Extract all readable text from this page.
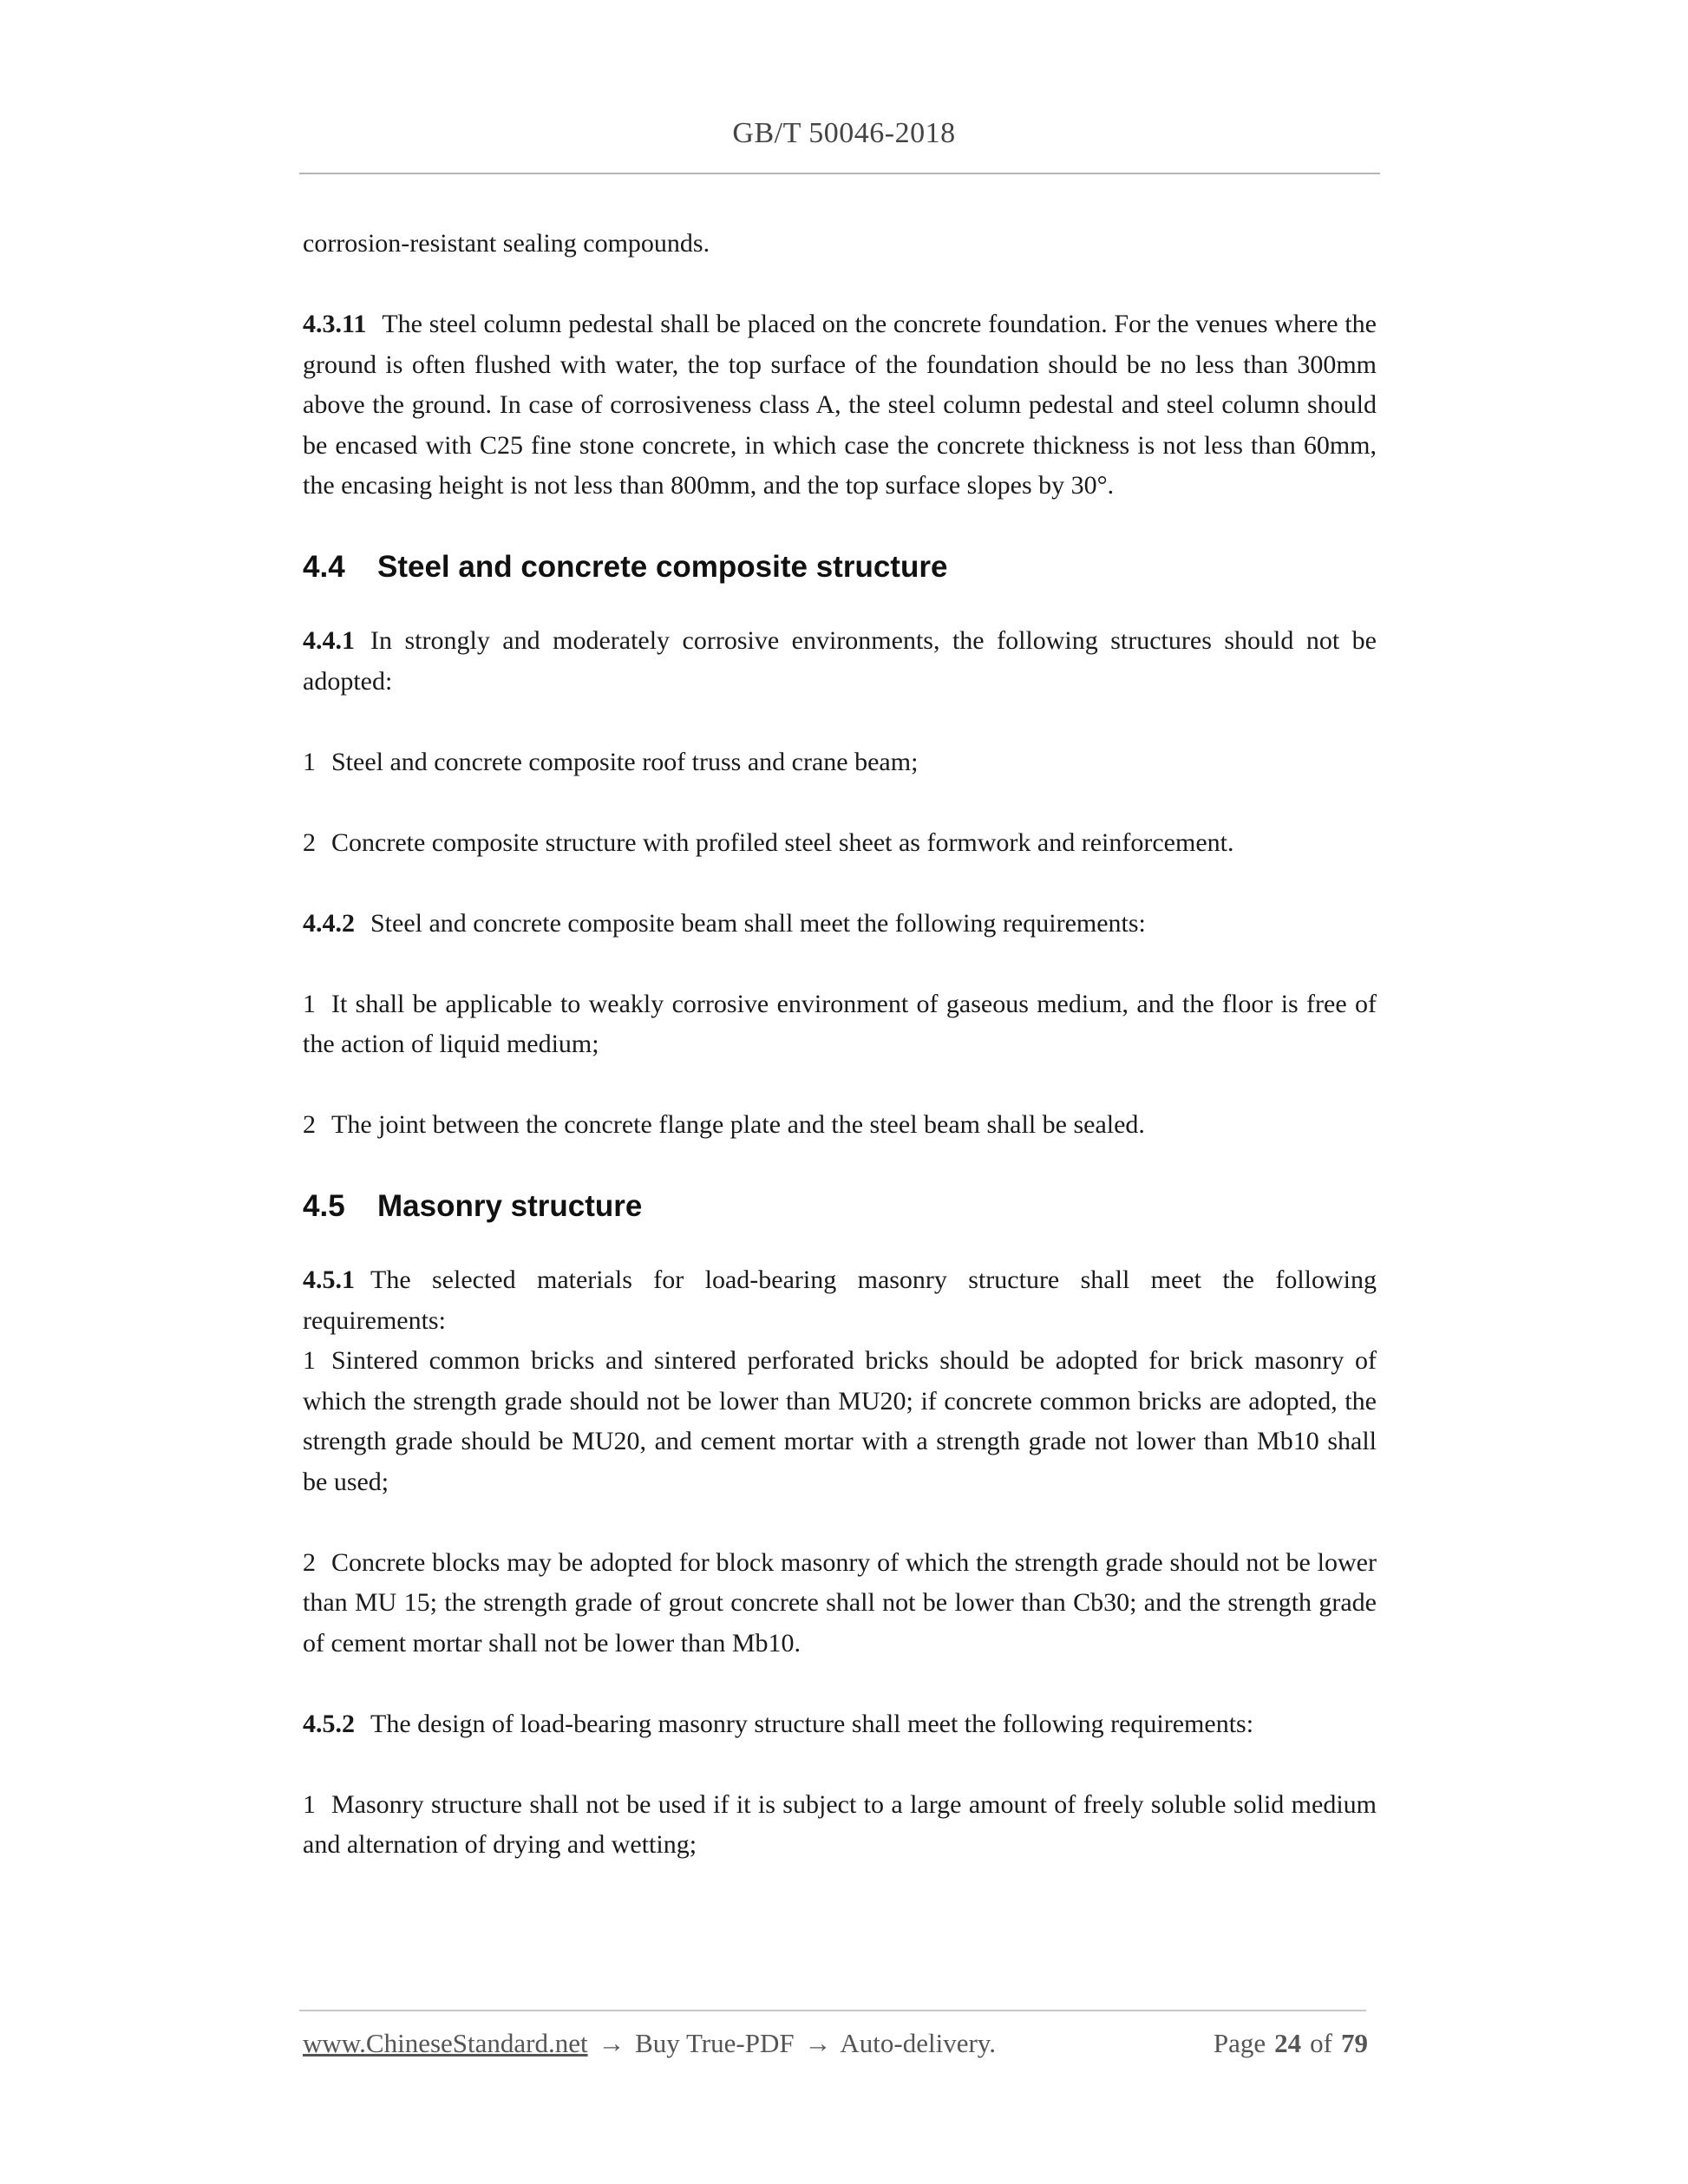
GB/T 50046-2018

corrosion-resistant sealing compounds.

4.3.11 The steel column pedestal shall be placed on the concrete foundation. For the venues where the ground is often flushed with water, the top surface of the foundation should be no less than 300mm above the ground. In case of corrosiveness class A, the steel column pedestal and steel column should be encased with C25 fine stone concrete, in which case the concrete thickness is not less than 60mm, the encasing height is not less than 800mm, and the top surface slopes by 30°.

4.4 Steel and concrete composite structure

4.4.1 In strongly and moderately corrosive environments, the following structures should not be adopted:

1 Steel and concrete composite roof truss and crane beam;

2 Concrete composite structure with profiled steel sheet as formwork and reinforcement.

4.4.2 Steel and concrete composite beam shall meet the following requirements:

1 It shall be applicable to weakly corrosive environment of gaseous medium, and the floor is free of the action of liquid medium;

2 The joint between the concrete flange plate and the steel beam shall be sealed.

4.5 Masonry structure

4.5.1 The selected materials for load-bearing masonry structure shall meet the following requirements:

1 Sintered common bricks and sintered perforated bricks should be adopted for brick masonry of which the strength grade should not be lower than MU20; if concrete common bricks are adopted, the strength grade should be MU20, and cement mortar with a strength grade not lower than Mb10 shall be used;

2 Concrete blocks may be adopted for block masonry of which the strength grade should not be lower than MU 15; the strength grade of grout concrete shall not be lower than Cb30; and the strength grade of cement mortar shall not be lower than Mb10.

4.5.2 The design of load-bearing masonry structure shall meet the following requirements:

1 Masonry structure shall not be used if it is subject to a large amount of freely soluble solid medium and alternation of drying and wetting;

www.ChineseStandard.net → Buy True-PDF → Auto-delivery.	Page 24 of 79
